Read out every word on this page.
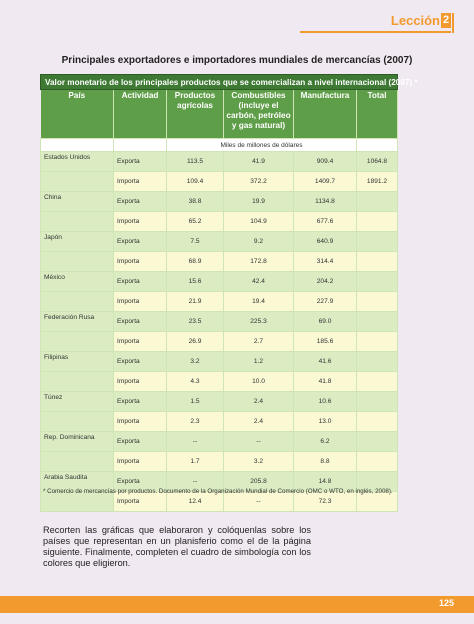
Lección 2
Principales exportadores e importadores mundiales de mercancías (2007)
Valor monetario de los principales productos que se comercializan a nivel internacional (2007) *					
País	Actividad	Productos agrícolas	Combustibles (incluye el carbón, petróleo y gas natural)	Manufactura	Total
		Miles de millones de dólares			
Estados Unidos	Exporta	113.5	41.9	909.4	1064.8
	Importa	109.4	372.2	1409.7	1891.2
China	Exporta	38.8	19.9	1134.8	
	Importa	65.2	104.9	677.6	
Japón	Exporta	7.5	9.2	640.9	
	Importa	68.9	172.8	314.4	
México	Exporta	15.6	42.4	204.2	
	Importa	21.9	19.4	227.9	
Federación Rusa	Exporta	23.5	225.3	69.0	
	Importa	26.9	2.7	185.6	
Filipinas	Exporta	3.2	1.2	41.6	
	Importa	4.3	10.0	41.8	
Túnez	Exporta	1.5	2.4	10.6	
	Importa	2.3	2.4	13.0	
Rep. Dominicana	Exporta	--	--	6.2	
	Importa	1.7	3.2	8.8	
Arabia Saudita	Exporta	--	205.8	14.8	
	Importa	12.4	--	72.3	
* Comercio de mercancías por productos. Documento de la Organización Mundial de Comercio (OMC o WTO, en inglés, 2008).
Recorten las gráficas que elaboraron y colóquenlas sobre los países que representan en un planisferio como el de la página siguiente. Finalmente, completen el cuadro de simbología con los colores que eligieron.
125
